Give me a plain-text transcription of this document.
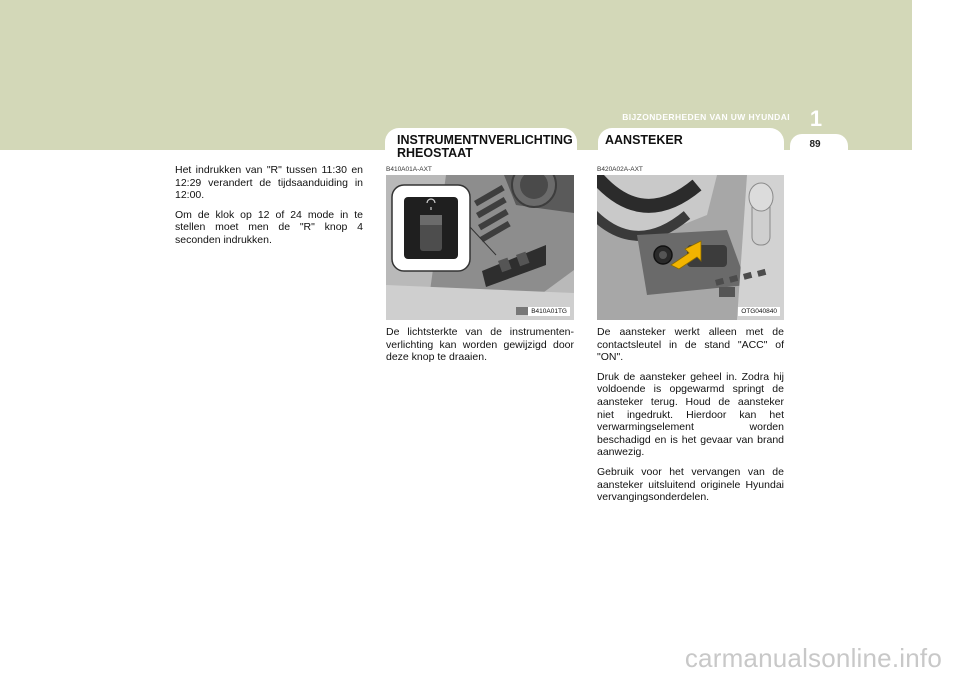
BIJZONDERHEDEN VAN UW HYUNDAI 1
89

Het indrukken van "R" tussen 11:30 en 12:29 verandert de tijdsaanduiding in 12:00.

Om de klok op 12 of 24 mode in te stellen moet men de "R" knop 4 seconden indrukken.

INSTRUMENTNVERLICHTING RHEOSTAAT
B410A01A-AXT
B410A01TG

De lichtsterkte van de instrumenten-verlichting kan worden gewijzigd door deze knop te draaien.

AANSTEKER
B420A02A-AXT
OTG040840

De aansteker werkt alleen met de contactsleutel in de stand "ACC" of "ON".

Druk de aansteker geheel in. Zodra hij voldoende is opgewarmd springt de aansteker terug. Houd de aansteker niet ingedrukt. Hierdoor kan het verwarmingselement worden beschadigd en is het gevaar van brand aanwezig.

Gebruik voor het vervangen van de aansteker uitsluitend originele Hyundai vervangingsonderdelen.

carmanualsonline.info
